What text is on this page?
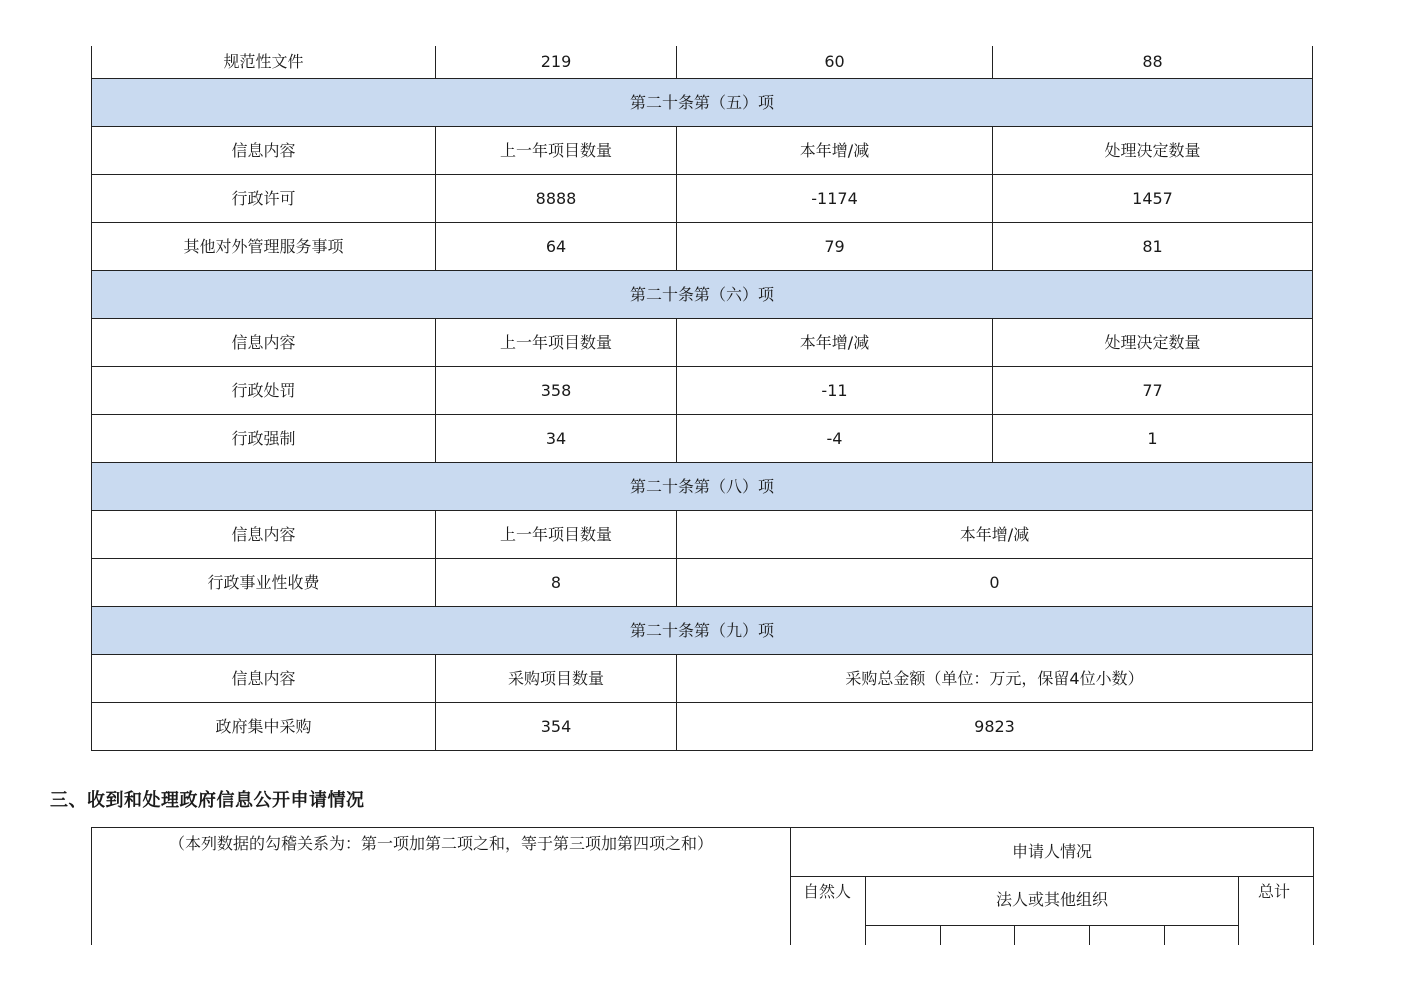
规范性文件	219	60	88
第二十条第（五）项			
信息内容	上一年项目数量	本年增/减	处理决定数量
行政许可	8888	-1174	1457
其他对外管理服务事项	64	79	81
第二十条第（六）项			
信息内容	上一年项目数量	本年增/减	处理决定数量
行政处罚	358	-11	77
行政强制	34	-4	1
第二十条第（八）项			
信息内容	上一年项目数量	本年增/减	
行政事业性收费	8	0	
第二十条第（九）项			
信息内容	采购项目数量	采购总金额（单位：万元，保留4位小数）	
政府集中采购	354	9823	
三、收到和处理政府信息公开申请情况
（本列数据的勾稽关系为：第一项加第二项之和，等于第三项加第四项之和）	申请人情况
自然人	法人或其他组织	总计
